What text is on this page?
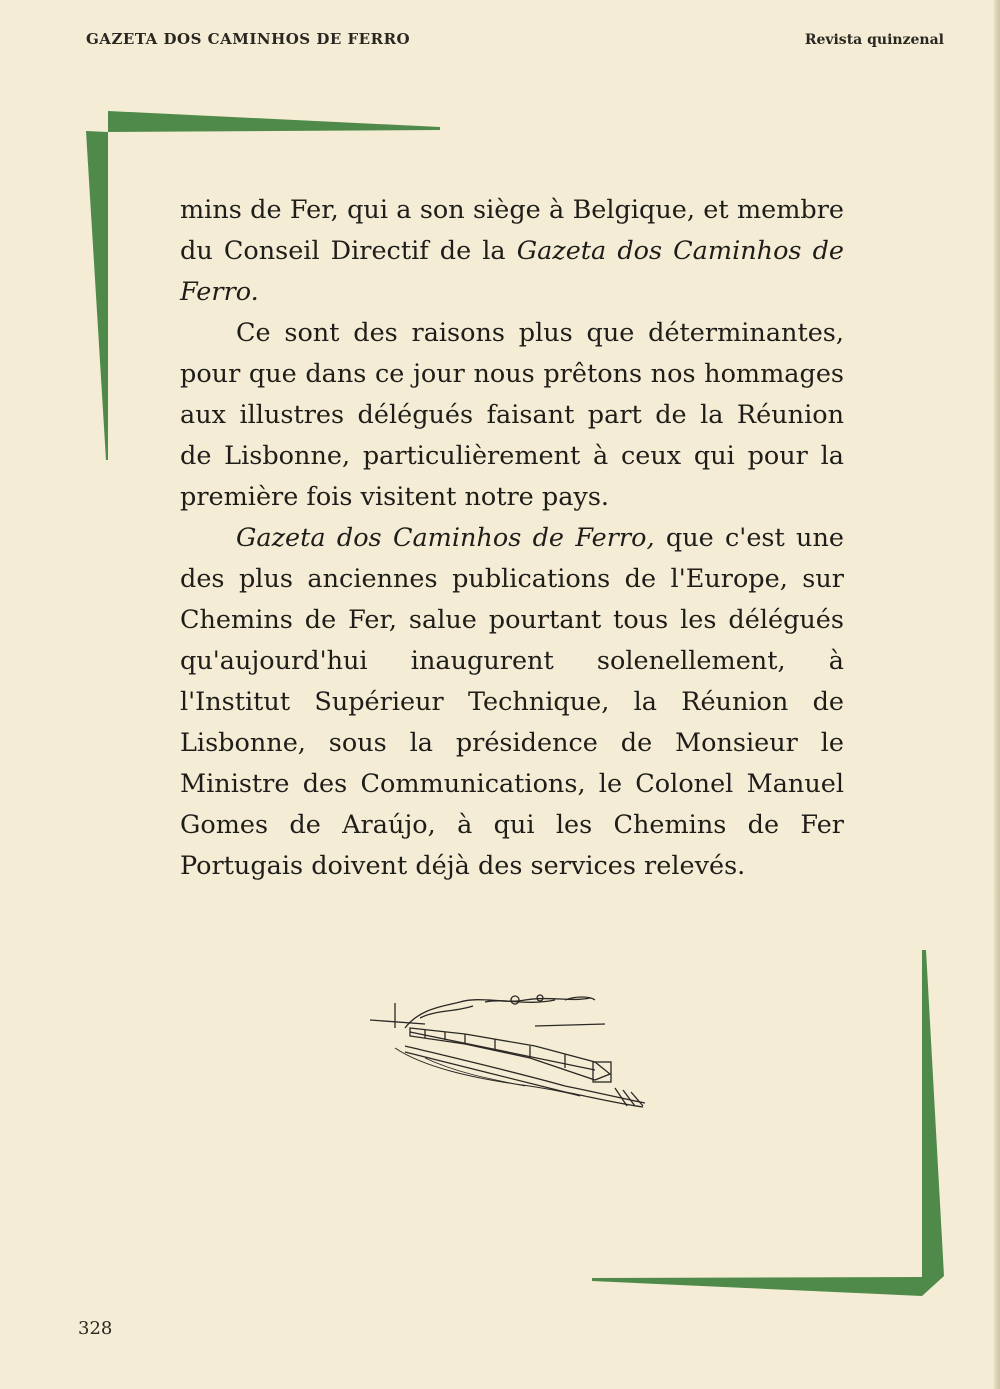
GAZETA DOS CAMINHOS DE FERRO	Revista quinzenal

mins de Fer, qui a son siège à Belgique, et membre du Conseil Directif de la Gazeta dos Caminhos de Ferro.

Ce sont des raisons plus que déterminantes, pour que dans ce jour nous prêtons nos hommages aux illustres délégués faisant part de la Réunion de Lisbonne, particulièrement à ceux qui pour la première fois visitent notre pays.

Gazeta dos Caminhos de Ferro, que c'est une des plus anciennes publications de l'Europe, sur Chemins de Fer, salue pourtant tous les délégués qu'aujourd'hui inaugurent solenellement, à l'Institut Supérieur Technique, la Réunion de Lisbonne, sous la présidence de Monsieur le Ministre des Communications, le Colonel Manuel Gomes de Araújo, à qui les Chemins de Fer Portugais doivent déjà des services relevés.

328
